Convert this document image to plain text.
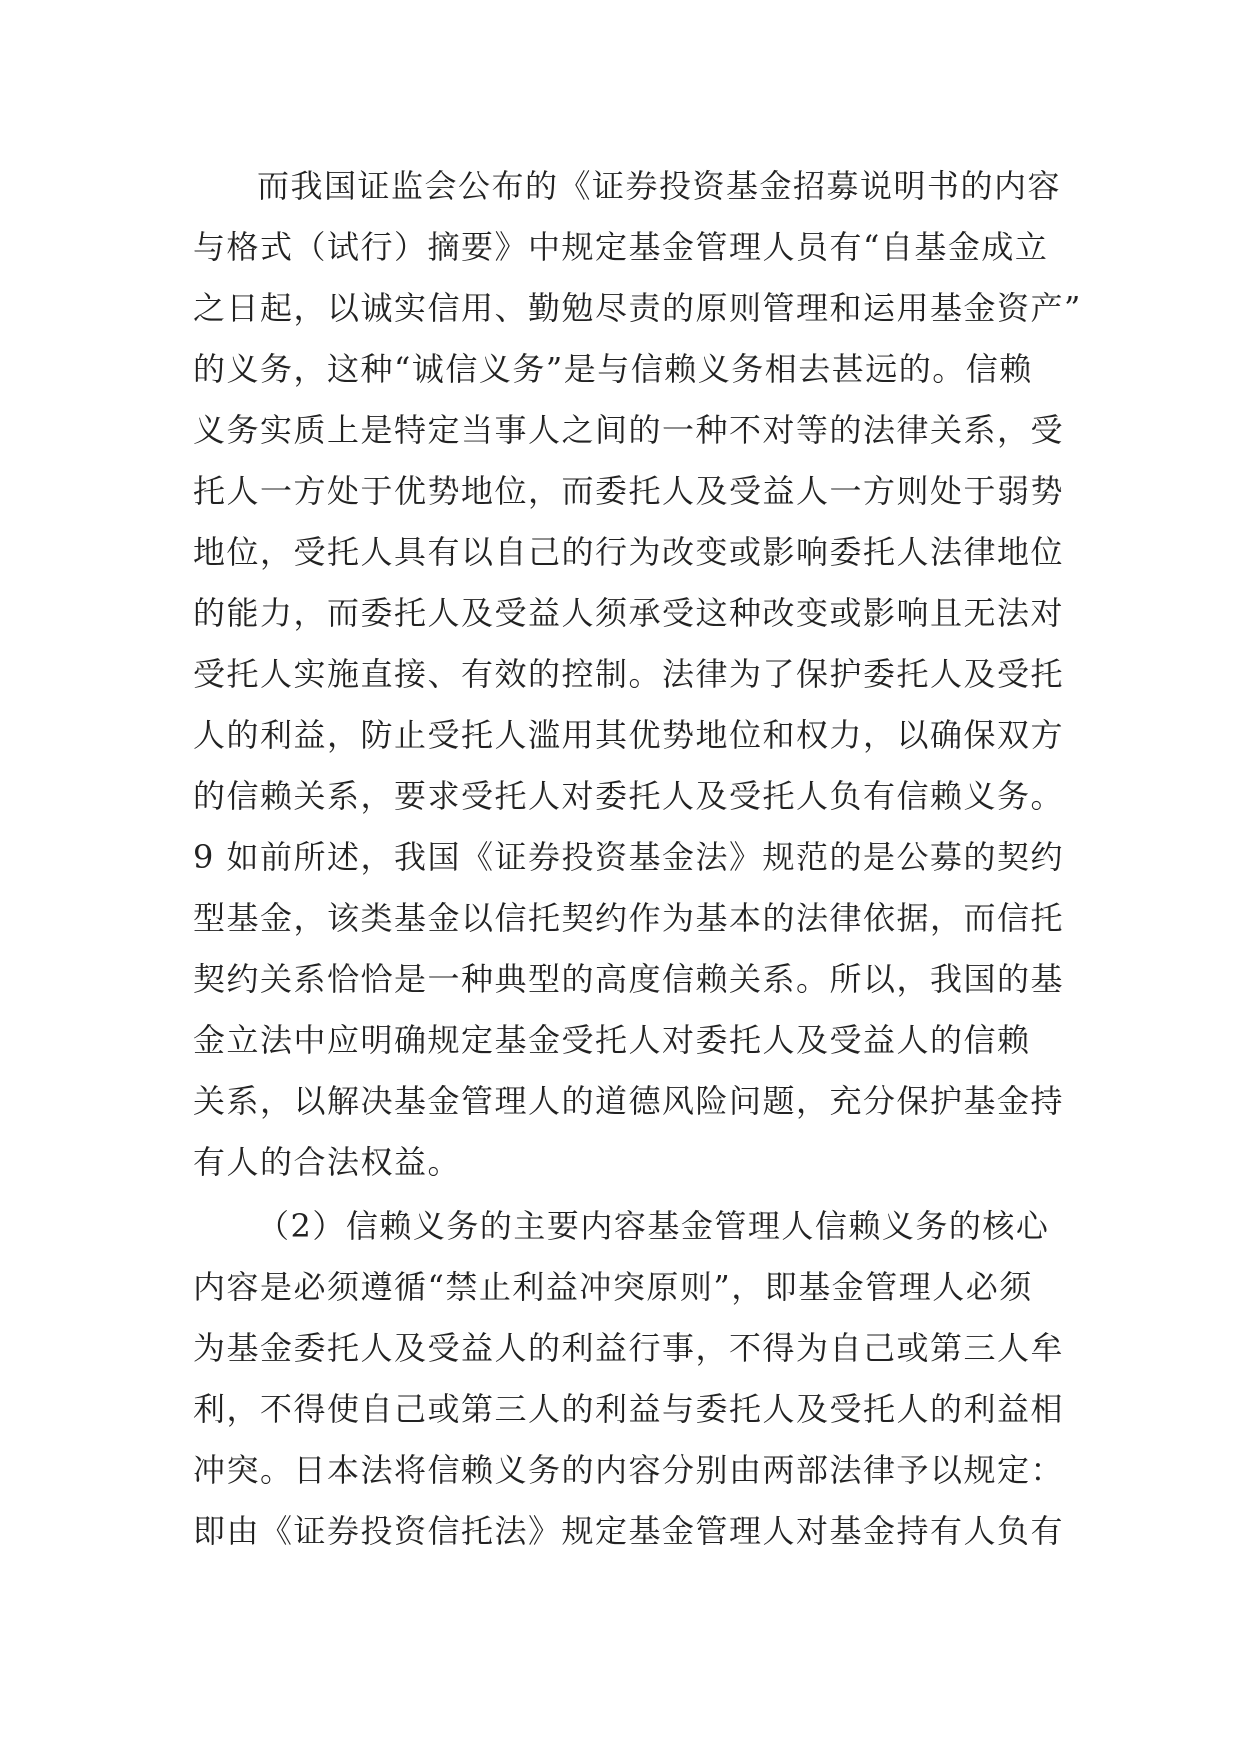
而我国证监会公布的《证券投资基金招募说明书的内容
与格式（试行）摘要》中规定基金管理人员有“自基金成立
之日起，以诚实信用、勤勉尽责的原则管理和运用基金资产”
的义务，这种“诚信义务”是与信赖义务相去甚远的。信赖
义务实质上是特定当事人之间的一种不对等的法律关系，受
托人一方处于优势地位，而委托人及受益人一方则处于弱势
地位，受托人具有以自己的行为改变或影响委托人法律地位
的能力，而委托人及受益人须承受这种改变或影响且无法对
受托人实施直接、有效的控制。法律为了保护委托人及受托
人的利益，防止受托人滥用其优势地位和权力，以确保双方
的信赖关系，要求受托人对委托人及受托人负有信赖义务。
9 如前所述，我国《证券投资基金法》规范的是公募的契约
型基金，该类基金以信托契约作为基本的法律依据，而信托
契约关系恰恰是一种典型的高度信赖关系。所以，我国的基
金立法中应明确规定基金受托人对委托人及受益人的信赖
关系，以解决基金管理人的道德风险问题，充分保护基金持
有人的合法权益。
（2）信赖义务的主要内容基金管理人信赖义务的核心
内容是必须遵循“禁止利益冲突原则”，即基金管理人必须
为基金委托人及受益人的利益行事，不得为自己或第三人牟
利，不得使自己或第三人的利益与委托人及受托人的利益相
冲突。日本法将信赖义务的内容分别由两部法律予以规定：
即由《证券投资信托法》规定基金管理人对基金持有人负有
